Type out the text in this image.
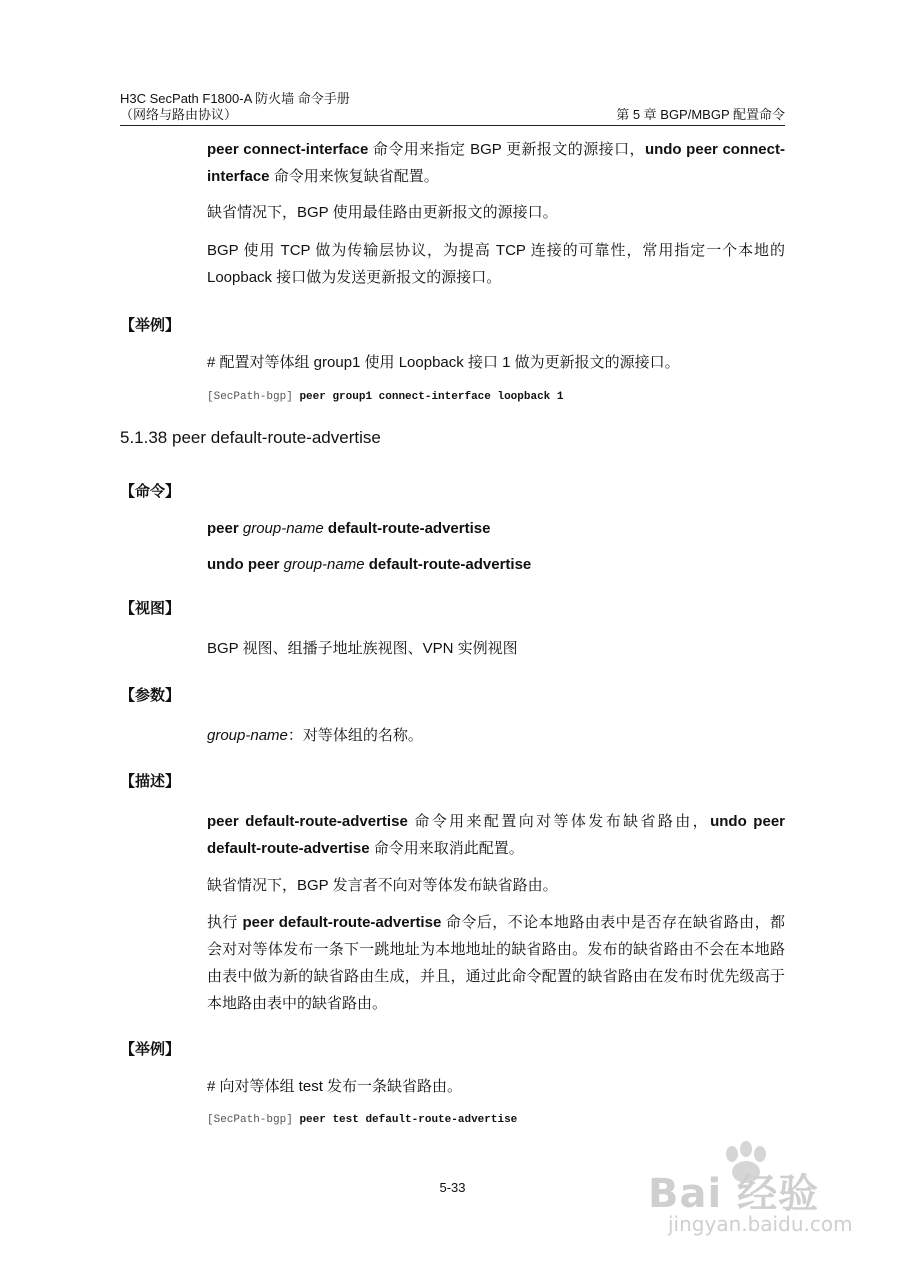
H3C SecPath F1800-A 防火墙 命令手册
（网络与路由协议）	第 5 章 BGP/MBGP 配置命令
peer connect-interface 命令用来指定 BGP 更新报文的源接口，undo peer connect-interface 命令用来恢复缺省配置。
缺省情况下，BGP 使用最佳路由更新报文的源接口。
BGP 使用 TCP 做为传输层协议，为提高 TCP 连接的可靠性，常用指定一个本地的 Loopback 接口做为发送更新报文的源接口。
【举例】
# 配置对等体组 group1 使用 Loopback 接口 1 做为更新报文的源接口。
[SecPath-bgp] peer group1 connect-interface loopback 1
5.1.38 peer default-route-advertise
【命令】
peer group-name default-route-advertise
undo peer group-name default-route-advertise
【视图】
BGP 视图、组播子地址族视图、VPN 实例视图
【参数】
group-name：对等体组的名称。
【描述】
peer default-route-advertise 命令用来配置向对等体发布缺省路由，undo peer default-route-advertise 命令用来取消此配置。
缺省情况下，BGP 发言者不向对等体发布缺省路由。
执行 peer default-route-advertise 命令后，不论本地路由表中是否存在缺省路由，都会对对等体发布一条下一跳地址为本地地址的缺省路由。发布的缺省路由不会在本地路由表中做为新的缺省路由生成，并且，通过此命令配置的缺省路由在发布时优先级高于本地路由表中的缺省路由。
【举例】
# 向对等体组 test 发布一条缺省路由。
[SecPath-bgp] peer test default-route-advertise
5-33	Bai 经验
jingyan.baidu.com
